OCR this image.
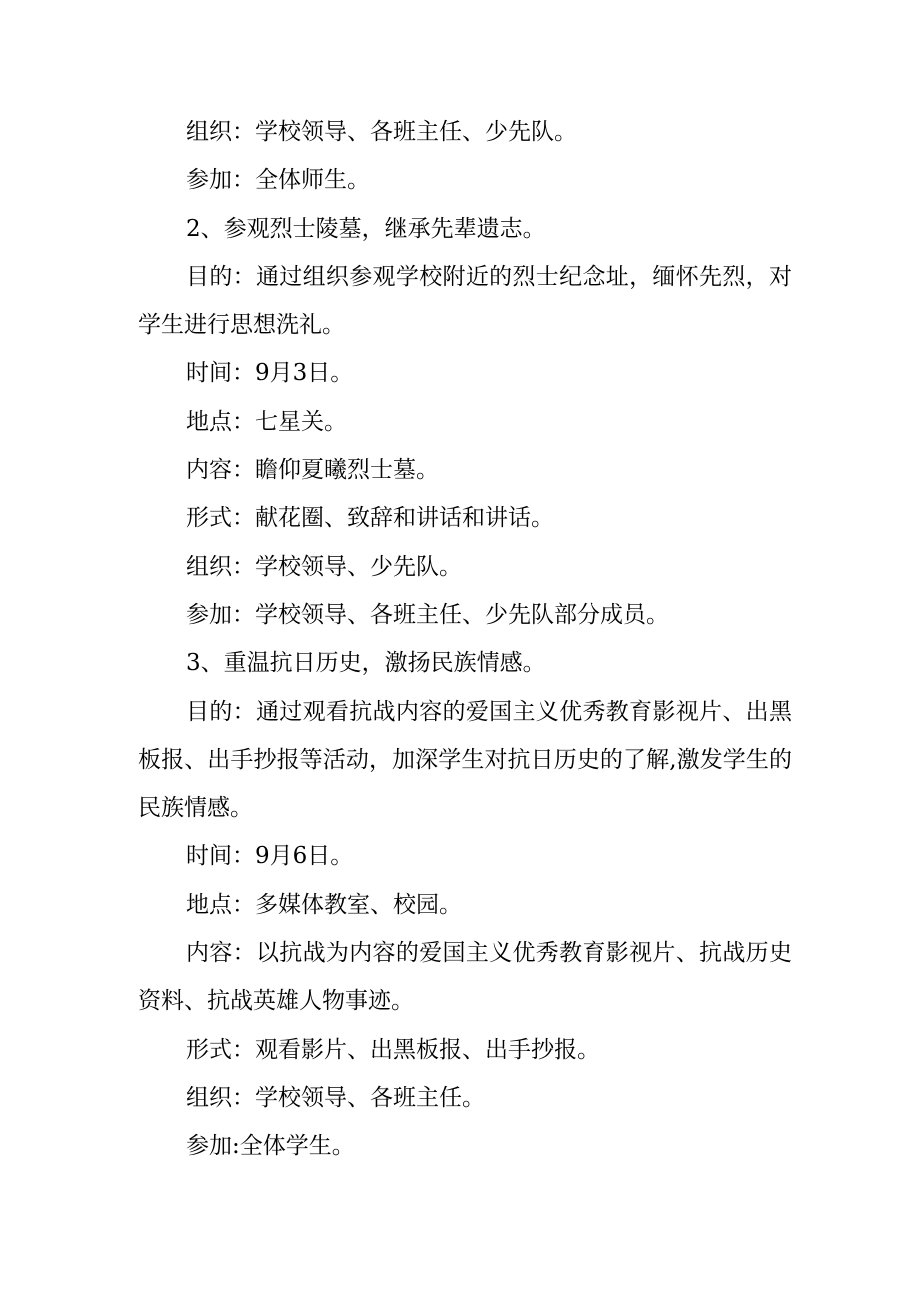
组织：学校领导、各班主任、少先队。

参加：全体师生。

2、参观烈士陵墓，继承先辈遗志。

目的：通过组织参观学校附近的烈士纪念址，缅怀先烈，对学生进行思想洗礼。

时间：9月3日。

地点：七星关。

内容：瞻仰夏曦烈士墓。

形式：献花圈、致辞和讲话和讲话。

组织：学校领导、少先队。

参加：学校领导、各班主任、少先队部分成员。

3、重温抗日历史，激扬民族情感。

目的：通过观看抗战内容的爱国主义优秀教育影视片、出黑板报、出手抄报等活动，加深学生对抗日历史的了解,激发学生的民族情感。

时间：9月6日。

地点：多媒体教室、校园。

内容：以抗战为内容的爱国主义优秀教育影视片、抗战历史资料、抗战英雄人物事迹。

形式：观看影片、出黑板报、出手抄报。

组织：学校领导、各班主任。

参加:全体学生。
